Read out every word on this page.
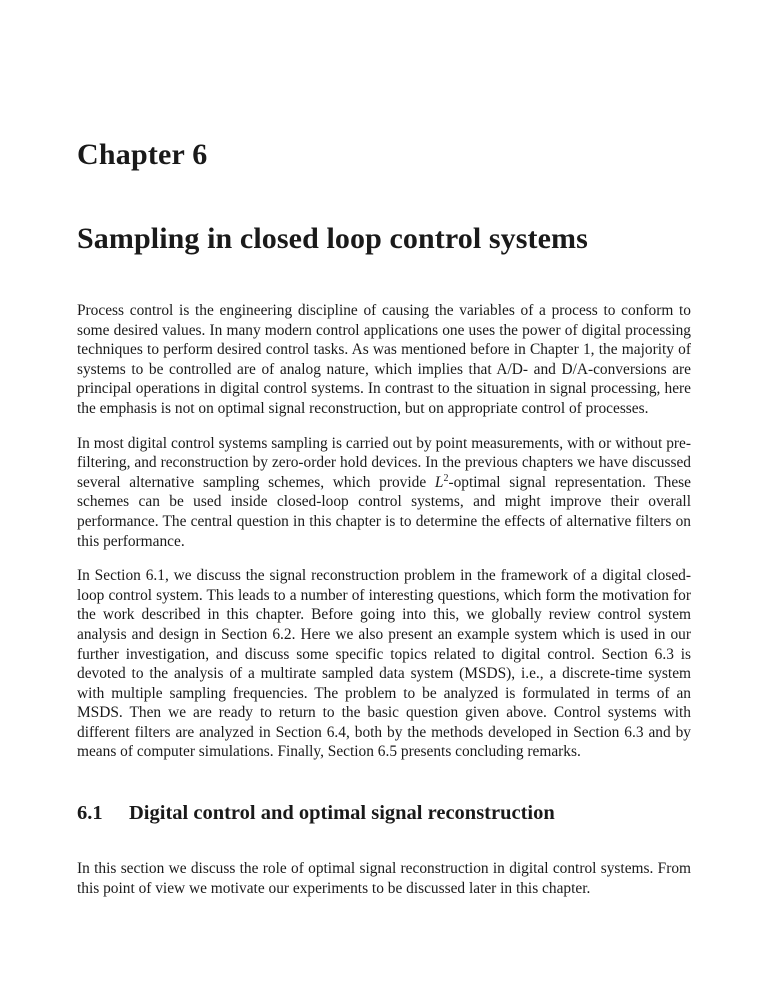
Chapter 6
Sampling in closed loop control systems

Process control is the engineering discipline of causing the variables of a process to conform to some desired values. In many modern control applications one uses the power of digital processing techniques to perform desired control tasks. As was mentioned before in Chapter 1, the majority of systems to be controlled are of analog nature, which implies that A/D- and D/A-conversions are principal operations in digital control systems. In contrast to the situation in signal processing, here the emphasis is not on optimal signal reconstruction, but on appropriate control of processes.

In most digital control systems sampling is carried out by point measurements, with or without pre-filtering, and reconstruction by zero-order hold devices. In the previous chapters we have discussed several alternative sampling schemes, which provide $L^2$-optimal signal representation. These schemes can be used inside closed-loop control systems, and might improve their overall performance. The central question in this chapter is to determine the effects of alternative filters on this performance.

In Section 6.1, we discuss the signal reconstruction problem in the framework of a digital closed-loop control system. This leads to a number of interesting questions, which form the motivation for the work described in this chapter. Before going into this, we globally review control system analysis and design in Section 6.2. Here we also present an example system which is used in our further investigation, and discuss some specific topics related to digital control. Section 6.3 is devoted to the analysis of a multirate sampled data system (MSDS), i.e., a discrete-time system with multiple sampling frequencies. The problem to be analyzed is formulated in terms of an MSDS. Then we are ready to return to the basic question given above. Control systems with different filters are analyzed in Section 6.4, both by the methods developed in Section 6.3 and by means of computer simulations. Finally, Section 6.5 presents concluding remarks.

6.1 Digital control and optimal signal reconstruction

In this section we discuss the role of optimal signal reconstruction in digital control systems. From this point of view we motivate our experiments to be discussed later in this chapter.
